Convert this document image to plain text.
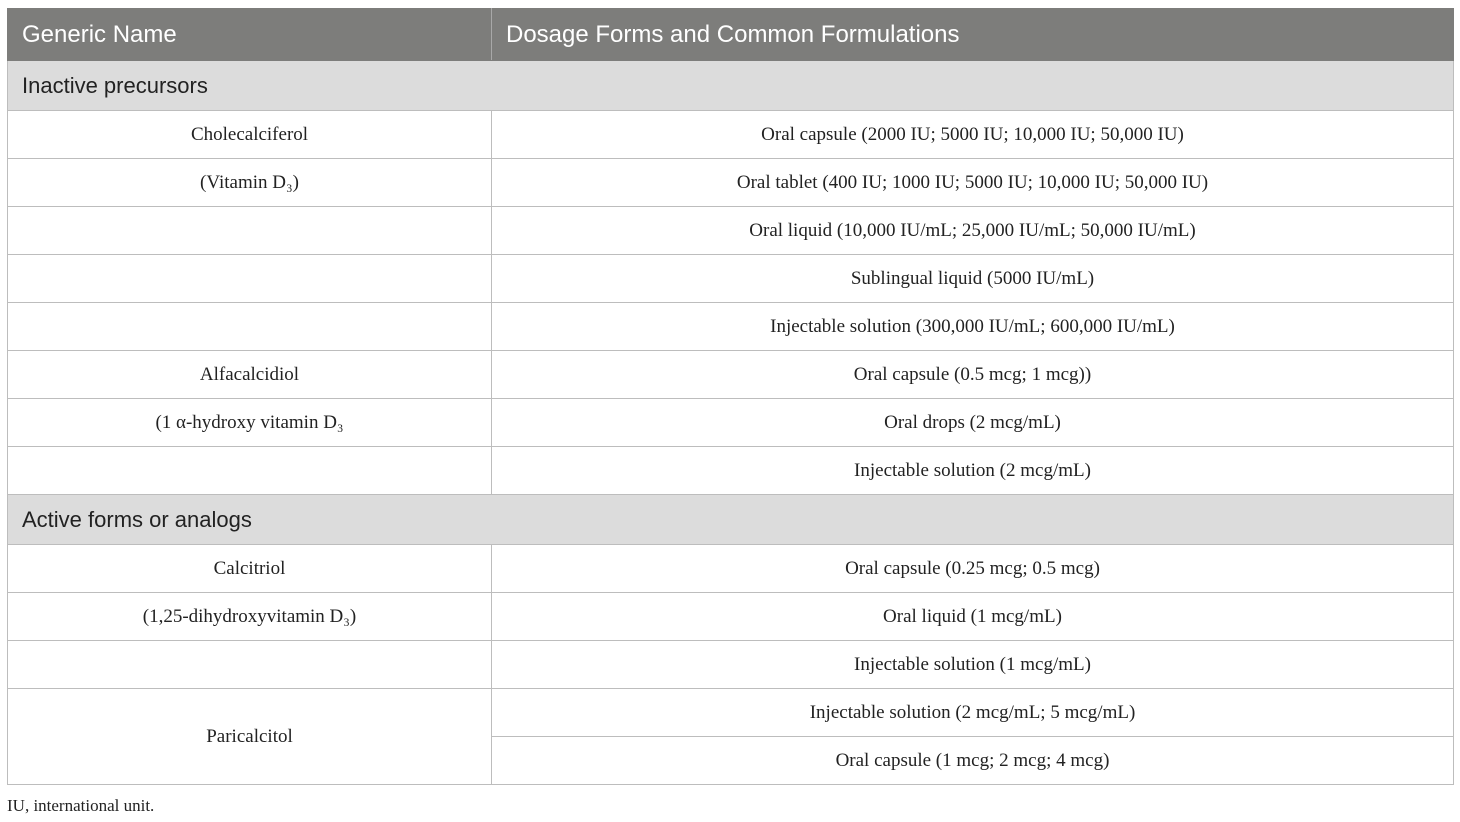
Generic Name	Dosage Forms and Common Formulations
Inactive precursors	
Cholecalciferol	Oral capsule (2000 IU; 5000 IU; 10,000 IU; 50,000 IU)
(Vitamin D₃)	Oral tablet (400 IU; 1000 IU; 5000 IU; 10,000 IU; 50,000 IU)
	Oral liquid (10,000 IU/mL; 25,000 IU/mL; 50,000 IU/mL)
	Sublingual liquid (5000 IU/mL)
	Injectable solution (300,000 IU/mL; 600,000 IU/mL)
Alfacalcidiol	Oral capsule (0.5 mcg; 1 mcg))
(1 α-hydroxy vitamin D₃	Oral drops (2 mcg/mL)
	Injectable solution (2 mcg/mL)
Active forms or analogs	
Calcitriol	Oral capsule (0.25 mcg; 0.5 mcg)
(1,25-dihydroxyvitamin D₃)	Oral liquid (1 mcg/mL)
	Injectable solution (1 mcg/mL)
Paricalcitol	Injectable solution (2 mcg/mL; 5 mcg/mL)
	Oral capsule (1 mcg; 2 mcg; 4 mcg)
IU, international unit.
